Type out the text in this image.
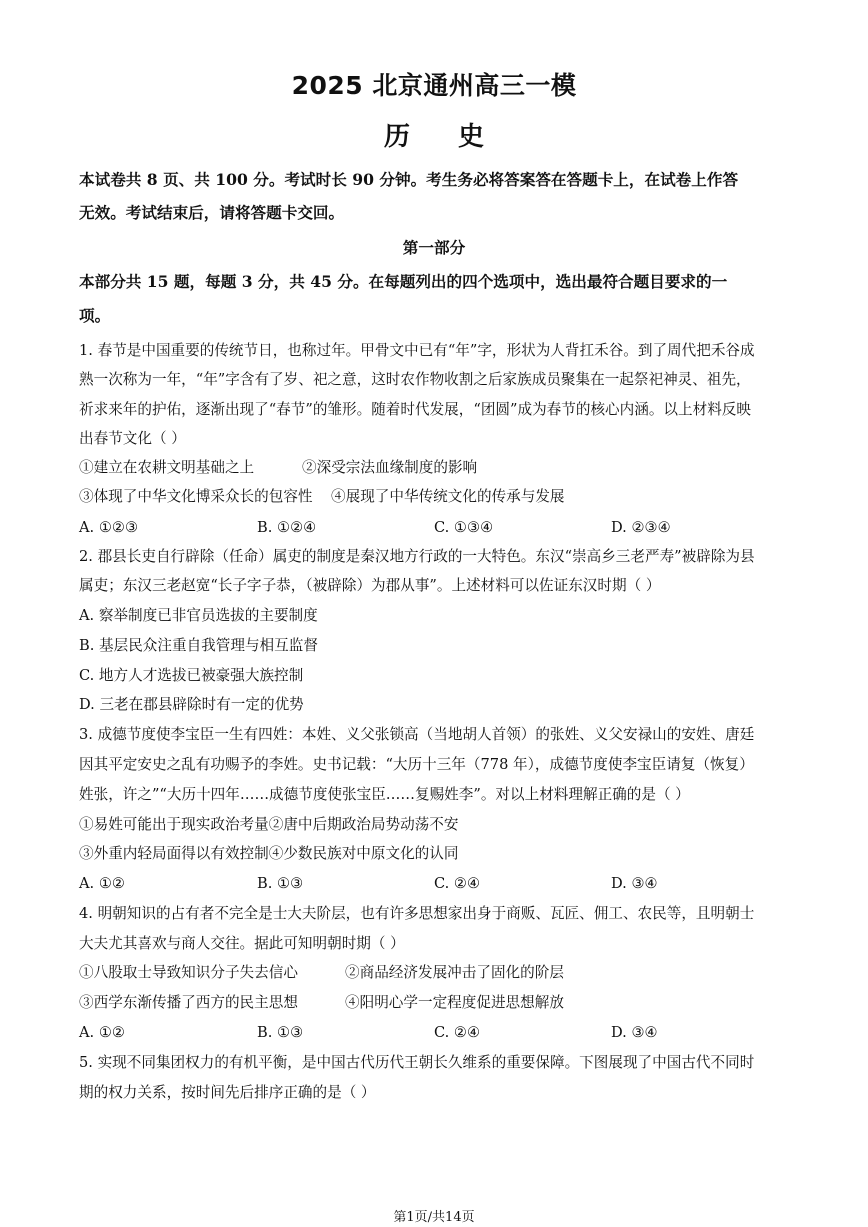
2025 北京通州高三一模
历史
本试卷共 8 页、共 100 分。考试时长 90 分钟。考生务必将答案答在答题卡上，在试卷上作答
无效。考试结束后，请将答题卡交回。
第一部分
本部分共 15 题，每题 3 分，共 45 分。在每题列出的四个选项中，选出最符合题目要求的一
项。
1. 春节是中国重要的传统节日，也称过年。甲骨文中已有“年”字，形状为人背扛禾谷。到了周代把禾谷成
熟一次称为一年，“年”字含有了岁、祀之意，这时农作物收割之后家族成员聚集在一起祭祀神灵、祖先，
祈求来年的护佑，逐渐出现了“春节”的雏形。随着时代发展，“团圆”成为春节的核心内涵。以上材料反映
出春节文化（ ）
①建立在农耕文明基础之上	②深受宗法血缘制度的影响
③体现了中华文化博采众长的包容性 ④展现了中华传统文化的传承与发展
A. ①②③	B. ①②④	C. ①③④	D. ②③④
2. 郡县长吏自行辟除（任命）属吏的制度是秦汉地方行政的一大特色。东汉“崇高乡三老严寿”被辟除为县
属吏；东汉三老赵宽“长子字子恭，（被辟除）为郡从事”。上述材料可以佐证东汉时期（ ）
A. 察举制度已非官员选拔的主要制度
B. 基层民众注重自我管理与相互监督
C. 地方人才选拔已被豪强大族控制
D. 三老在郡县辟除时有一定的优势
3. 成德节度使李宝臣一生有四姓：本姓、义父张锁高（当地胡人首领）的张姓、义父安禄山的安姓、唐廷
因其平定安史之乱有功赐予的李姓。史书记载：“大历十三年（778 年），成德节度使李宝臣请复（恢复）
姓张，许之”“大历十四年……成德节度使张宝臣……复赐姓李”。对以上材料理解正确的是（ ）
①易姓可能出于现实政治考量②唐中后期政治局势动荡不安
③外重内轻局面得以有效控制④少数民族对中原文化的认同
A. ①②	B. ①③	C. ②④	D. ③④
4. 明朝知识的占有者不完全是士大夫阶层，也有许多思想家出身于商贩、瓦匠、佣工、农民等，且明朝士
大夫尤其喜欢与商人交往。据此可知明朝时期（ ）
①八股取士导致知识分子失去信心	②商品经济发展冲击了固化的阶层
③西学东渐传播了西方的民主思想	④阳明心学一定程度促进思想解放
A. ①②	B. ①③	C. ②④	D. ③④
5. 实现不同集团权力的有机平衡，是中国古代历代王朝长久维系的重要保障。下图展现了中国古代不同时
期的权力关系，按时间先后排序正确的是（ ）
第1页/共14页
